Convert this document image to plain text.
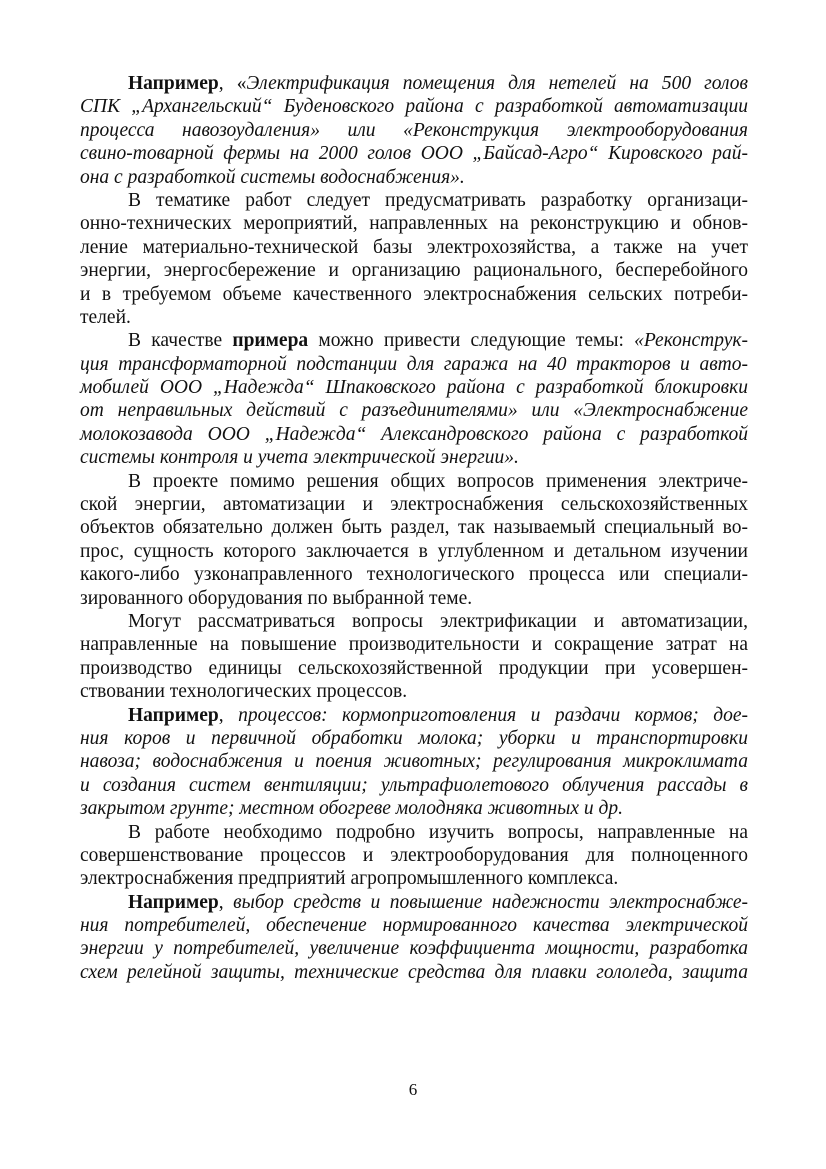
Например, «Электрификация помещения для нетелей на 500 голов
СПК „Архангельский“ Буденовского района с разработкой автоматизации
процесса навозоудаления» или «Реконструкция электрооборудования
свино-товарной фермы на 2000 голов ООО „Байсад-Агро“ Кировского рай-
она с разработкой системы водоснабжения».
В тематике работ следует предусматривать разработку организаци-
онно-технических мероприятий, направленных на реконструкцию и обнов-
ление материально-технической базы электрохозяйства, а также на учет
энергии, энергосбережение и организацию рационального, бесперебойного
и в требуемом объеме качественного электроснабжения сельских потреби-
телей.
В качестве примера можно привести следующие темы: «Реконструк-
ция трансформаторной подстанции для гаража на 40 тракторов и авто-
мобилей ООО „Надежда“ Шпаковского района с разработкой блокировки
от неправильных действий с разъединителями» или «Электроснабжение
молокозавода ООО „Надежда“ Александровского района с разработкой
системы контроля и учета электрической энергии».
В проекте помимо решения общих вопросов применения электриче-
ской энергии, автоматизации и электроснабжения сельскохозяйственных
объектов обязательно должен быть раздел, так называемый специальный во-
прос, сущность которого заключается в углубленном и детальном изучении
какого-либо узконаправленного технологического процесса или специали-
зированного оборудования по выбранной теме.
Могут рассматриваться вопросы электрификации и автоматизации,
направленные на повышение производительности и сокращение затрат на
производство единицы сельскохозяйственной продукции при усовершен-
ствовании технологических процессов.
Например, процессов: кормоприготовления и раздачи кормов; дое-
ния коров и первичной обработки молока; уборки и транспортировки
навоза; водоснабжения и поения животных; регулирования микроклимата
и создания систем вентиляции; ультрафиолетового облучения рассады в
закрытом грунте; местном обогреве молодняка животных и др.
В работе необходимо подробно изучить вопросы, направленные на
совершенствование процессов и электрооборудования для полноценного
электроснабжения предприятий агропромышленного комплекса.
Например, выбор средств и повышение надежности электроснабже-
ния потребителей, обеспечение нормированного качества электрической
энергии у потребителей, увеличение коэффициента мощности, разработка
схем релейной защиты, технические средства для плавки гололеда, защита
6
